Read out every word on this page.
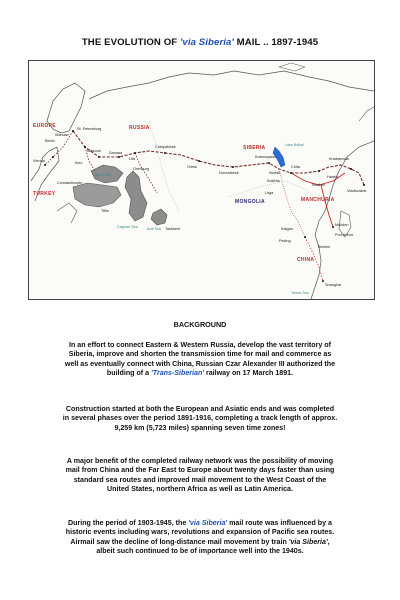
THE EVOLUTION OF 'via Siberia' MAIL .. 1897-1945
RUSSIA
SIBERIA
EUROPE
TURKEY
MONGOLIA	MANCHURIA
CHINA
St. Petersburg
Moscow
Warsaw
Berlin
Vienna	Kiev
Samara
Ufa
Chelyabinsk
Omsk
Novosibirsk
Krasnoyarsk
Irkutsk
Chita
Kiakhta
Urga
Harbin
Vladivostok
Mukden
Port Arthur
Peking
Tientsin
Shanghai
Kalgan
Orenburg
Tashkent
Tiflis
Constantinople
Khabarovsk
Tsitsihar
Black Sea
Caspian Sea	Aral Sea
Lake Baikal
Yellow Sea
BACKGROUND
In an effort to connect Eastern & Western Russia, develop the vast territory of Siberia, improve and shorten the transmission time for mail and commerce as well as eventually connect with China, Russian Czar Alexander III authorized the building of a 'Trans-Siberian' railway on 17 March 1891.
Construction started at both the European and Asiatic ends and was completed in several phases over the period 1891-1916, completing a track length of approx. 9,259 km (5,723 miles) spanning seven time zones!
A major benefit of the completed railway network was the possibility of moving mail from China and the Far East to Europe about twenty days faster than using standard sea routes and improved mail movement to the West Coast of the United States, northern Africa as well as Latin America.
During the period of 1903-1945, the 'via Siberia' mail route was influenced by a historic events including wars, revolutions and expansion of Pacific sea routes. Airmail saw the decline of long-distance mail movement by train 'via Siberia', albeit such continued to be of importance well into the 1940s.
